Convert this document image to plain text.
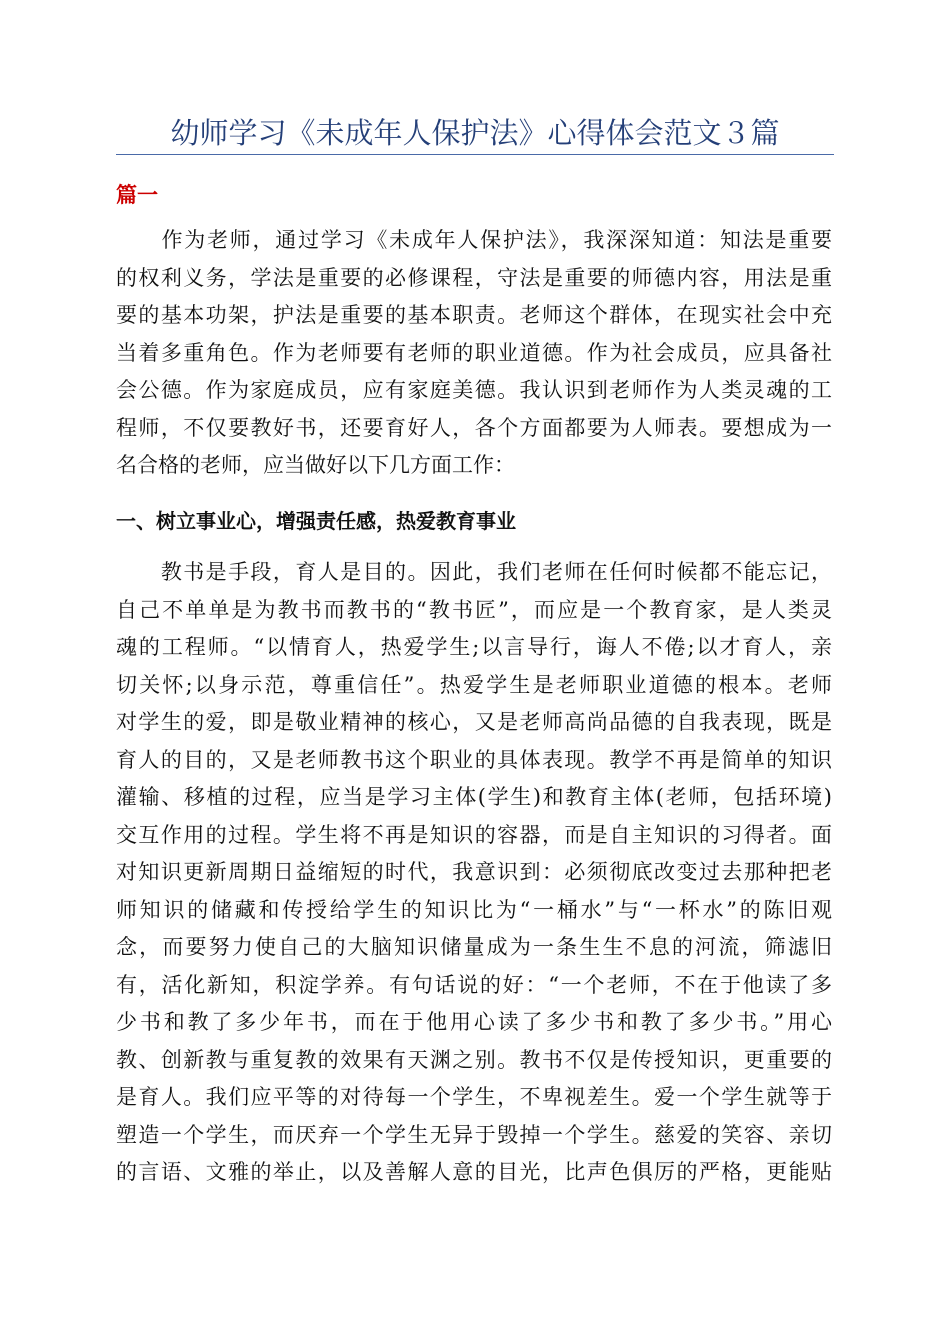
幼师学习《未成年人保护法》心得体会范文３篇
篇一
　　作为老师，通过学习《未成年人保护法》，我深深知道：知法是重要
的权利义务，学法是重要的必修课程，守法是重要的师德内容，用法是重
要的基本功架，护法是重要的基本职责。老师这个群体，在现实社会中充
当着多重角色。作为老师要有老师的职业道德。作为社会成员，应具备社
会公德。作为家庭成员，应有家庭美德。我认识到老师作为人类灵魂的工
程师，不仅要教好书，还要育好人，各个方面都要为人师表。要想成为一
名合格的老师，应当做好以下几方面工作：
一、树立事业心，增强责任感，热爱教育事业
　　教书是手段，育人是目的。因此，我们老师在任何时候都不能忘记，
自己不单单是为教书而教书的“教书匠”，而应是一个教育家，是人类灵
魂的工程师。“以情育人，热爱学生;以言导行，诲人不倦;以才育人，亲
切关怀;以身示范，尊重信任”。热爱学生是老师职业道德的根本。老师
对学生的爱，即是敬业精神的核心，又是老师高尚品德的自我表现，既是
育人的目的，又是老师教书这个职业的具体表现。教学不再是简单的知识
灌输、移植的过程，应当是学习主体(学生)和教育主体(老师，包括环境)
交互作用的过程。学生将不再是知识的容器，而是自主知识的习得者。面
对知识更新周期日益缩短的时代，我意识到：必须彻底改变过去那种把老
师知识的储藏和传授给学生的知识比为“一桶水”与“一杯水”的陈旧观
念，而要努力使自己的大脑知识储量成为一条生生不息的河流，筛滤旧
有，活化新知，积淀学养。有句话说的好：“一个老师，不在于他读了多
少书和教了多少年书，而在于他用心读了多少书和教了多少书。”用心
教、创新教与重复教的效果有天渊之别。教书不仅是传授知识，更重要的
是育人。我们应平等的对待每一个学生，不卑视差生。爱一个学生就等于
塑造一个学生，而厌弃一个学生无异于毁掉一个学生。慈爱的笑容、亲切
的言语、文雅的举止，以及善解人意的目光，比声色俱厉的严格，更能贴
